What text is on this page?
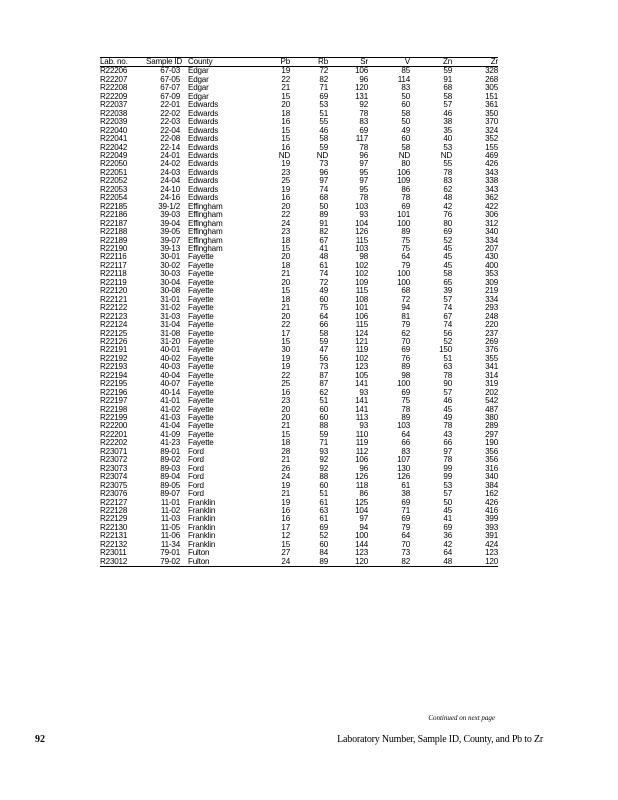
Lab. no.	Sample ID	County	Pb	Rb	Sr	V	Zn	Zr
R22206	67-03	Edgar	19	72	106	85	59	328
R22207	67-05	Edgar	22	82	96	114	91	268
R22208	67-07	Edgar	21	71	120	83	68	305
R22209	67-09	Edgar	15	69	131	50	58	151
R22037	22-01	Edwards	20	53	92	60	57	361
R22038	22-02	Edwards	18	51	78	58	46	350
R22039	22-03	Edwards	16	55	83	50	38	370
R22040	22-04	Edwards	15	46	69	49	35	324
R22041	22-08	Edwards	15	58	117	60	40	352
R22042	22-14	Edwards	16	59	78	58	53	155
R22049	24-01	Edwards	ND	ND	96	ND	ND	469
R22050	24-02	Edwards	19	73	97	80	55	426
R22051	24-03	Edwards	23	96	95	106	78	343
R22052	24-04	Edwards	25	97	97	109	83	338
R22053	24-10	Edwards	19	74	95	86	62	343
R22054	24-16	Edwards	16	68	78	78	48	362
R22185	39-1/2	Effingham	20	50	103	69	42	422
R22186	39-03	Effingham	22	89	93	101	76	306
R22187	39-04	Effingham	24	91	104	100	80	312
R22188	39-05	Effingham	23	82	126	89	69	340
R22189	39-07	Effingham	18	67	115	75	52	334
R22190	39-13	Effingham	15	41	103	75	45	207
R22116	30-01	Fayette	20	48	98	64	45	430
R22117	30-02	Fayette	18	61	102	79	45	400
R22118	30-03	Fayette	21	74	102	100	58	353
R22119	30-04	Fayette	20	72	109	100	65	309
R22120	30-08	Fayette	15	49	115	68	39	219
R22121	31-01	Fayette	18	60	108	72	57	334
R22122	31-02	Fayette	21	75	101	94	74	293
R22123	31-03	Fayette	20	64	106	81	67	248
R22124	31-04	Fayette	22	66	115	79	74	220
R22125	31-08	Fayette	17	58	124	62	56	237
R22126	31-20	Fayette	15	59	121	70	52	269
R22191	40-01	Fayette	30	47	119	69	150	376
R22192	40-02	Fayette	19	56	102	76	51	355
R22193	40-03	Fayette	19	73	123	89	63	341
R22194	40-04	Fayette	22	87	105	98	78	314
R22195	40-07	Fayette	25	87	141	100	90	319
R22196	40-14	Fayette	16	62	93	69	57	202
R22197	41-01	Fayette	23	51	141	75	46	542
R22198	41-02	Fayette	20	60	141	78	45	487
R22199	41-03	Fayette	20	60	113	89	49	380
R22200	41-04	Fayette	21	88	93	103	78	289
R22201	41-09	Fayette	15	59	110	64	43	297
R22202	41-23	Fayette	18	71	119	66	66	190
R23071	89-01	Ford	28	93	112	83	97	356
R23072	89-02	Ford	21	92	106	107	78	356
R23073	89-03	Ford	26	92	96	130	99	316
R23074	89-04	Ford	24	88	126	126	99	340
R23075	89-05	Ford	19	60	118	61	53	384
R23076	89-07	Ford	21	51	86	38	57	162
R22127	11-01	Franklin	19	61	125	69	50	426
R22128	11-02	Franklin	16	63	104	71	45	416
R22129	11-03	Franklin	16	61	97	69	41	399
R22130	11-05	Franklin	17	69	94	79	69	393
R22131	11-06	Franklin	12	52	100	64	36	391
R22132	11-34	Franklin	15	60	144	70	42	424
R23011	79-01	Fulton	27	84	123	73	64	123
R23012	79-02	Fulton	24	89	120	82	48	120
Continued on next page
92	Laboratory Number, Sample ID, County, and Pb to Zr
